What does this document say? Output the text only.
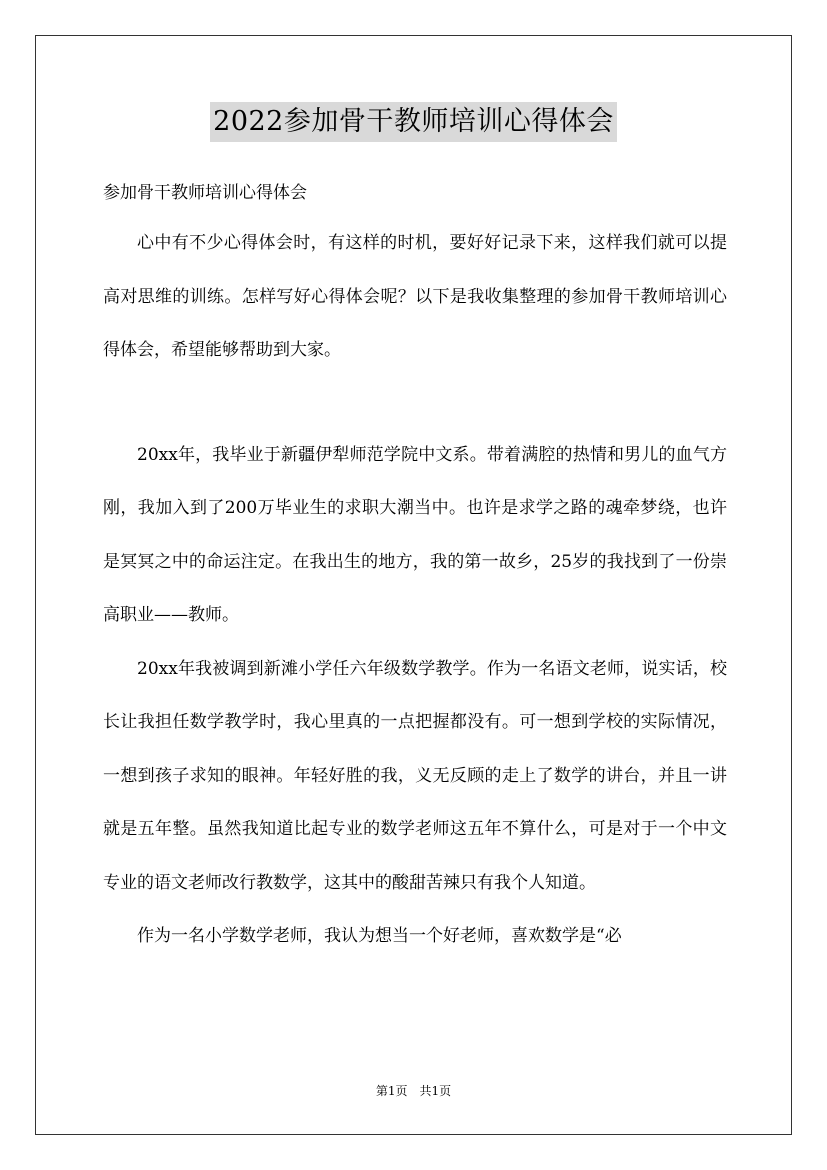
2022参加骨干教师培训心得体会

参加骨干教师培训心得体会

心中有不少心得体会时，有这样的时机，要好好记录下来，这样我们就可以提高对思维的训练。怎样写好心得体会呢？以下是我收集整理的参加骨干教师培训心得体会，希望能够帮助到大家。

20xx年，我毕业于新疆伊犁师范学院中文系。带着满腔的热情和男儿的血气方刚，我加入到了200万毕业生的求职大潮当中。也许是求学之路的魂牵梦绕，也许是冥冥之中的命运注定。在我出生的地方，我的第一故乡，25岁的我找到了一份崇高职业——教师。

20xx年我被调到新滩小学任六年级数学教学。作为一名语文老师，说实话，校长让我担任数学教学时，我心里真的一点把握都没有。可一想到学校的实际情况，一想到孩子求知的眼神。年轻好胜的我，义无反顾的走上了数学的讲台，并且一讲就是五年整。虽然我知道比起专业的数学老师这五年不算什么，可是对于一个中文专业的语文老师改行教数学，这其中的酸甜苦辣只有我个人知道。

作为一名小学数学老师，我认为想当一个好老师，喜欢数学是“必

第1页　共1页
